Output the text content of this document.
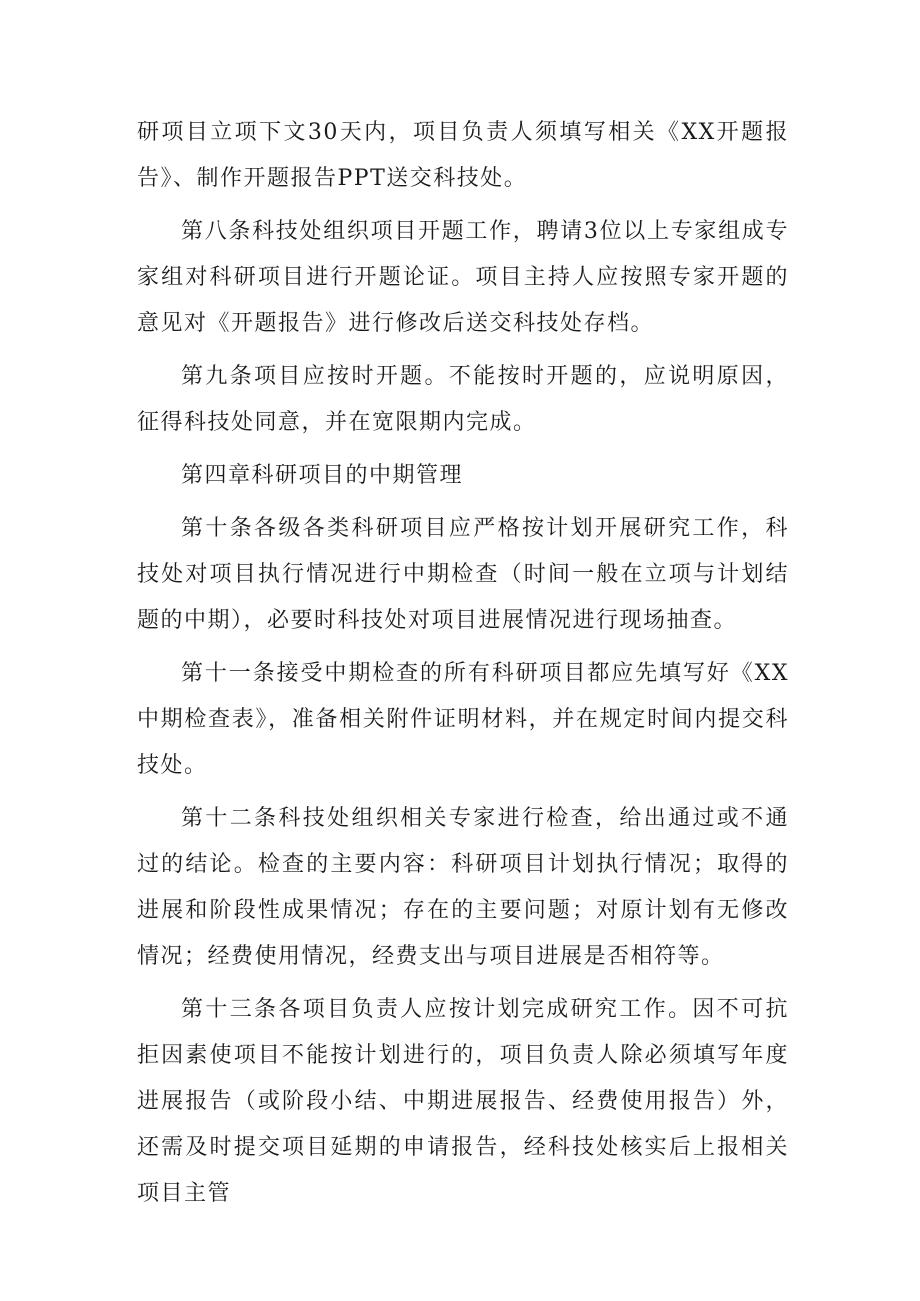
研项目立项下文30天内，项目负责人须填写相关《XX开题报告》、制作开题报告PPT送交科技处。

第八条科技处组织项目开题工作，聘请3位以上专家组成专家组对科研项目进行开题论证。项目主持人应按照专家开题的意见对《开题报告》进行修改后送交科技处存档。

第九条项目应按时开题。不能按时开题的，应说明原因，征得科技处同意，并在宽限期内完成。

第四章科研项目的中期管理

第十条各级各类科研项目应严格按计划开展研究工作，科技处对项目执行情况进行中期检查（时间一般在立项与计划结题的中期），必要时科技处对项目进展情况进行现场抽查。

第十一条接受中期检查的所有科研项目都应先填写好《XX中期检查表》，准备相关附件证明材料，并在规定时间内提交科技处。

第十二条科技处组织相关专家进行检查，给出通过或不通过的结论。检查的主要内容：科研项目计划执行情况；取得的进展和阶段性成果情况；存在的主要问题；对原计划有无修改情况；经费使用情况，经费支出与项目进展是否相符等。

第十三条各项目负责人应按计划完成研究工作。因不可抗拒因素使项目不能按计划进行的，项目负责人除必须填写年度进展报告（或阶段小结、中期进展报告、经费使用报告）外，还需及时提交项目延期的申请报告，经科技处核实后上报相关项目主管
